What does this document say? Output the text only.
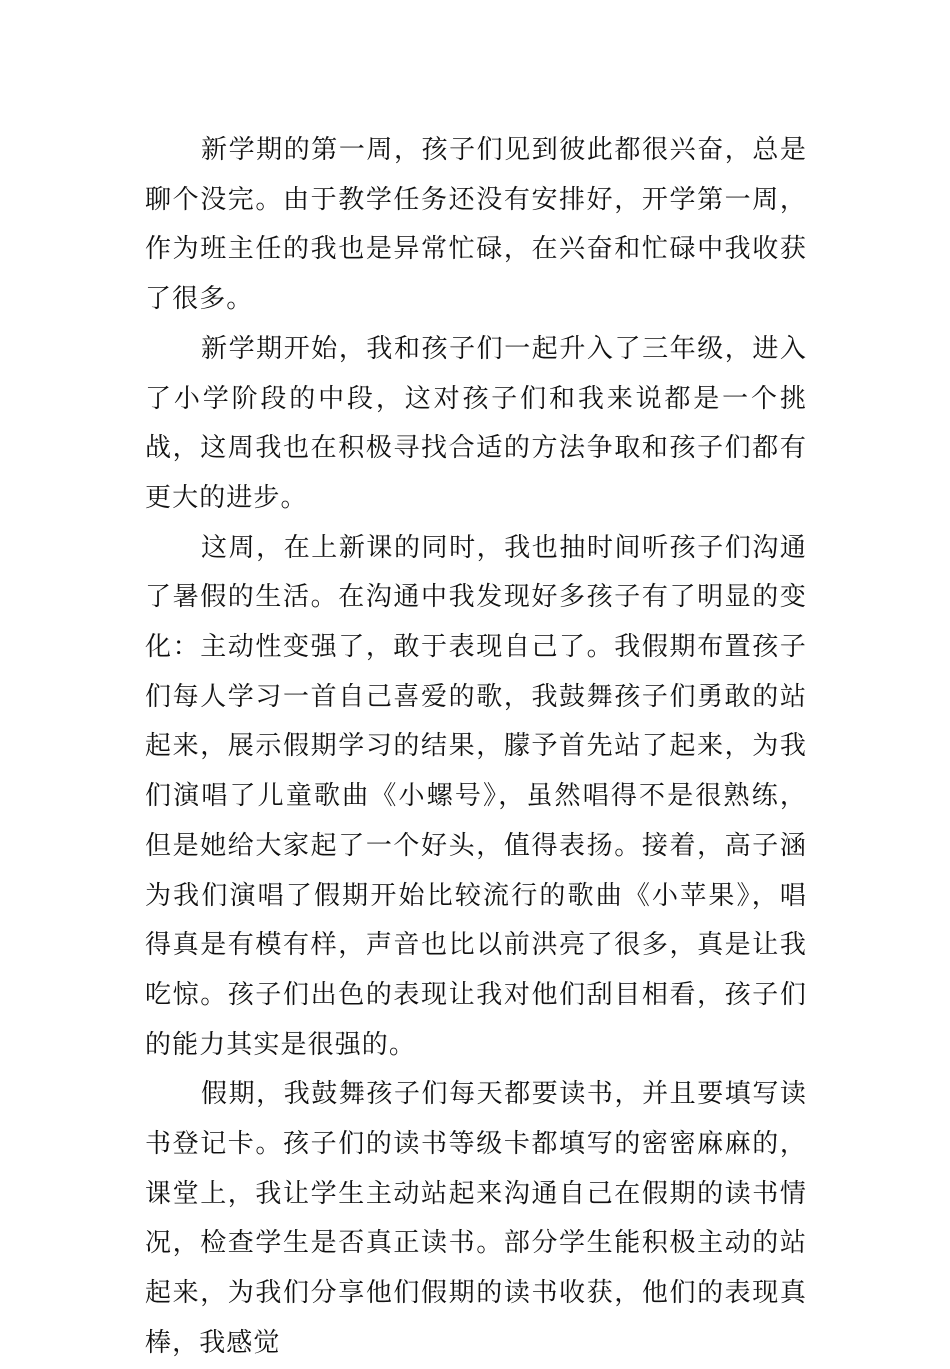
新学期的第一周，孩子们见到彼此都很兴奋，总是聊个没完。由于教学任务还没有安排好，开学第一周，作为班主任的我也是异常忙碌，在兴奋和忙碌中我收获了很多。

新学期开始，我和孩子们一起升入了三年级，进入了小学阶段的中段，这对孩子们和我来说都是一个挑战，这周我也在积极寻找合适的方法争取和孩子们都有更大的进步。

这周，在上新课的同时，我也抽时间听孩子们沟通了暑假的生活。在沟通中我发现好多孩子有了明显的变化：主动性变强了，敢于表现自己了。我假期布置孩子们每人学习一首自己喜爱的歌，我鼓舞孩子们勇敢的站起来，展示假期学习的结果，朦予首先站了起来，为我们演唱了儿童歌曲《小螺号》，虽然唱得不是很熟练，但是她给大家起了一个好头，值得表扬。接着，高子涵为我们演唱了假期开始比较流行的歌曲《小苹果》，唱得真是有模有样，声音也比以前洪亮了很多，真是让我吃惊。孩子们出色的表现让我对他们刮目相看，孩子们的能力其实是很强的。

假期，我鼓舞孩子们每天都要读书，并且要填写读书登记卡。孩子们的读书等级卡都填写的密密麻麻的，课堂上，我让学生主动站起来沟通自己在假期的读书情况，检查学生是否真正读书。部分学生能积极主动的站起来，为我们分享他们假期的读书收获，他们的表现真棒，我感觉
